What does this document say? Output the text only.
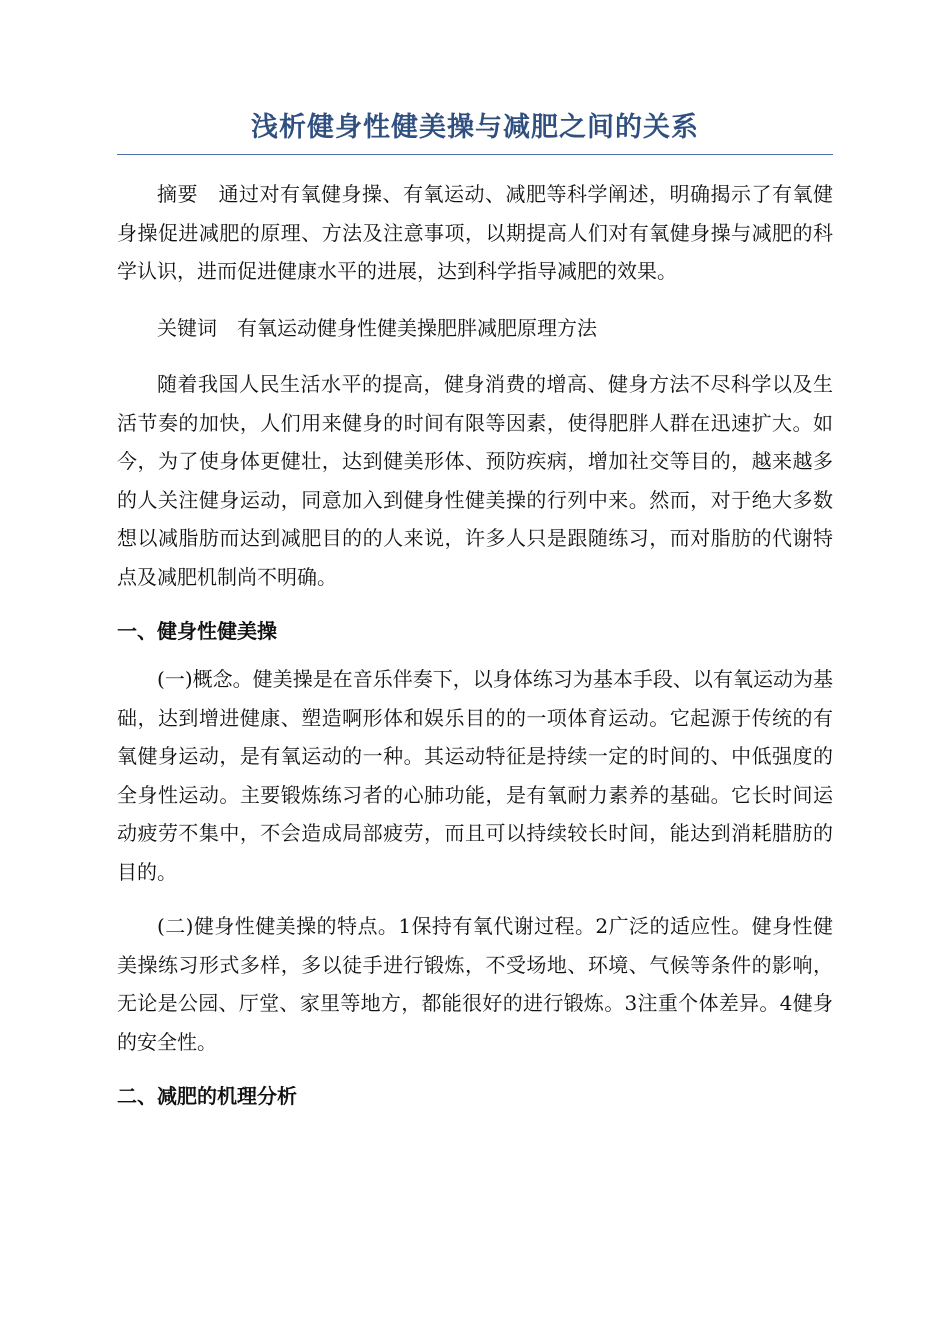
浅析健身性健美操与减肥之间的关系

摘要 通过对有氧健身操、有氧运动、减肥等科学阐述，明确揭示了有氧健身操促进减肥的原理、方法及注意事项，以期提高人们对有氧健身操与减肥的科学认识，进而促进健康水平的进展，达到科学指导减肥的效果。

关键词 有氧运动健身性健美操肥胖减肥原理方法

随着我国人民生活水平的提高，健身消费的增高、健身方法不尽科学以及生活节奏的加快，人们用来健身的时间有限等因素，使得肥胖人群在迅速扩大。如今，为了使身体更健壮，达到健美形体、预防疾病，增加社交等目的，越来越多的人关注健身运动，同意加入到健身性健美操的行列中来。然而，对于绝大多数想以减脂肪而达到减肥目的的人来说，许多人只是跟随练习，而对脂肪的代谢特点及减肥机制尚不明确。

一、健身性健美操

(一)概念。健美操是在音乐伴奏下，以身体练习为基本手段、以有氧运动为基础，达到增进健康、塑造啊形体和娱乐目的的一项体育运动。它起源于传统的有氧健身运动，是有氧运动的一种。其运动特征是持续一定的时间的、中低强度的全身性运动。主要锻炼练习者的心肺功能，是有氧耐力素养的基础。它长时间运动疲劳不集中，不会造成局部疲劳，而且可以持续较长时间，能达到消耗腊肪的目的。

(二)健身性健美操的特点。1保持有氧代谢过程。2广泛的适应性。健身性健美操练习形式多样，多以徒手进行锻炼，不受场地、环境、气候等条件的影响，无论是公园、厅堂、家里等地方，都能很好的进行锻炼。3注重个体差异。4健身的安全性。

二、减肥的机理分析
